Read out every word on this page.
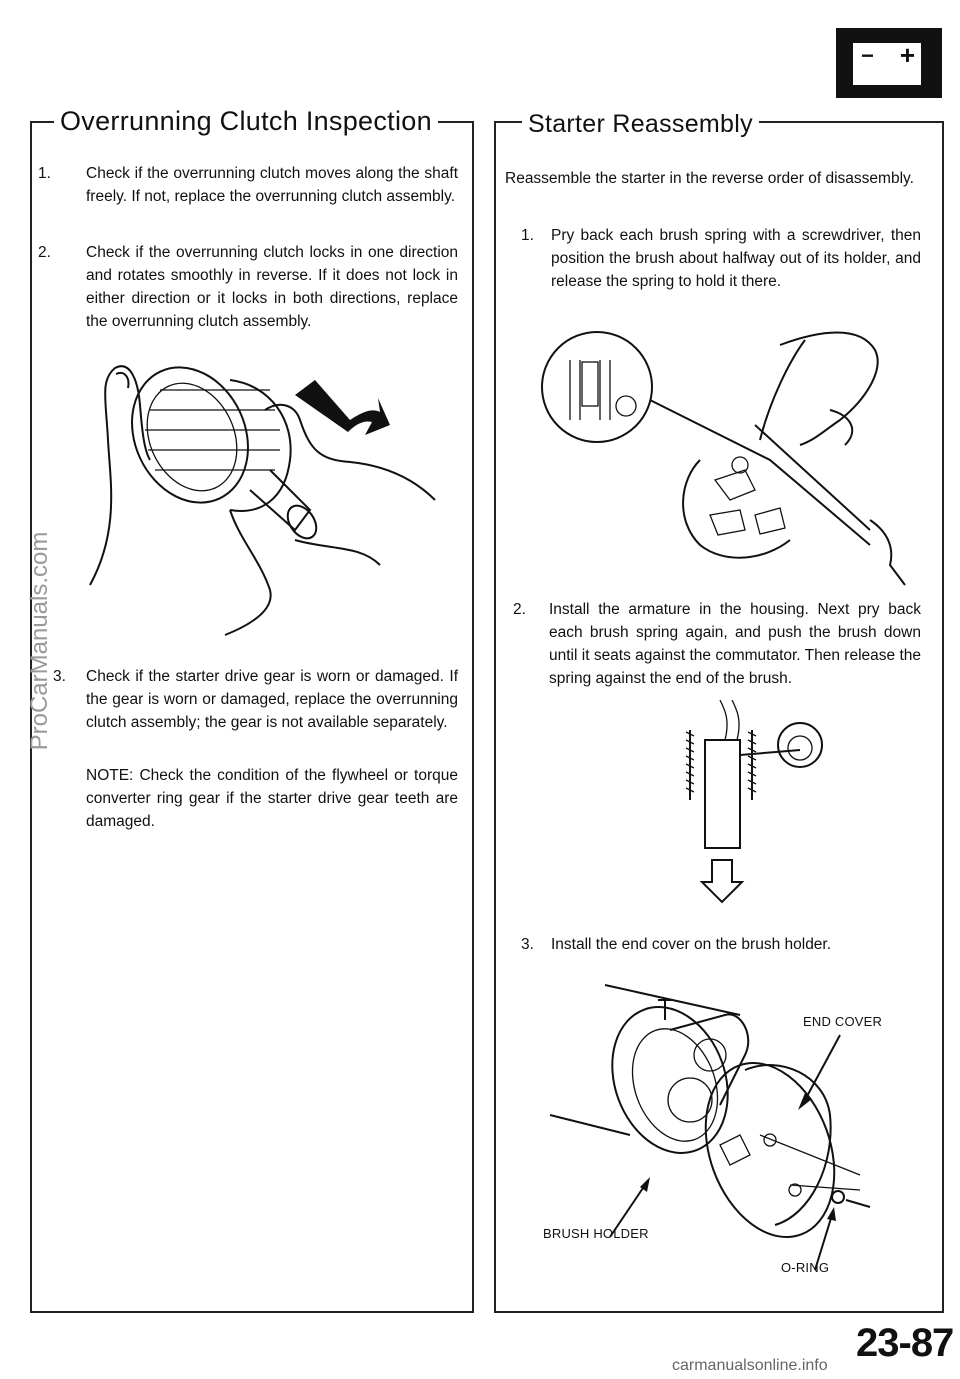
− +
Overrunning Clutch Inspection
1. Check if the overrunning clutch moves along the shaft freely. If not, replace the overrunning clutch assembly.
2. Check if the overrunning clutch locks in one direction and rotates smoothly in reverse. If it does not lock in either direction or it locks in both directions, replace the overrunning clutch assembly.
3. Check if the starter drive gear is worn or damaged. If the gear is worn or damaged, replace the overrunning clutch assembly; the gear is not available separately.
NOTE: Check the condition of the flywheel or torque converter ring gear if the starter drive gear teeth are damaged.
Starter Reassembly
Reassemble the starter in the reverse order of disassembly.
1. Pry back each brush spring with a screwdriver, then position the brush about halfway out of its holder, and release the spring to hold it there.
2. Install the armature in the housing. Next pry back each brush spring again, and push the brush down until it seats against the commutator. Then release the spring against the end of the brush.
3. Install the end cover on the brush holder.
END COVER
BRUSH HOLDER
O-RING
23-87
ProCarManuals.com
carmanualsonline.info
